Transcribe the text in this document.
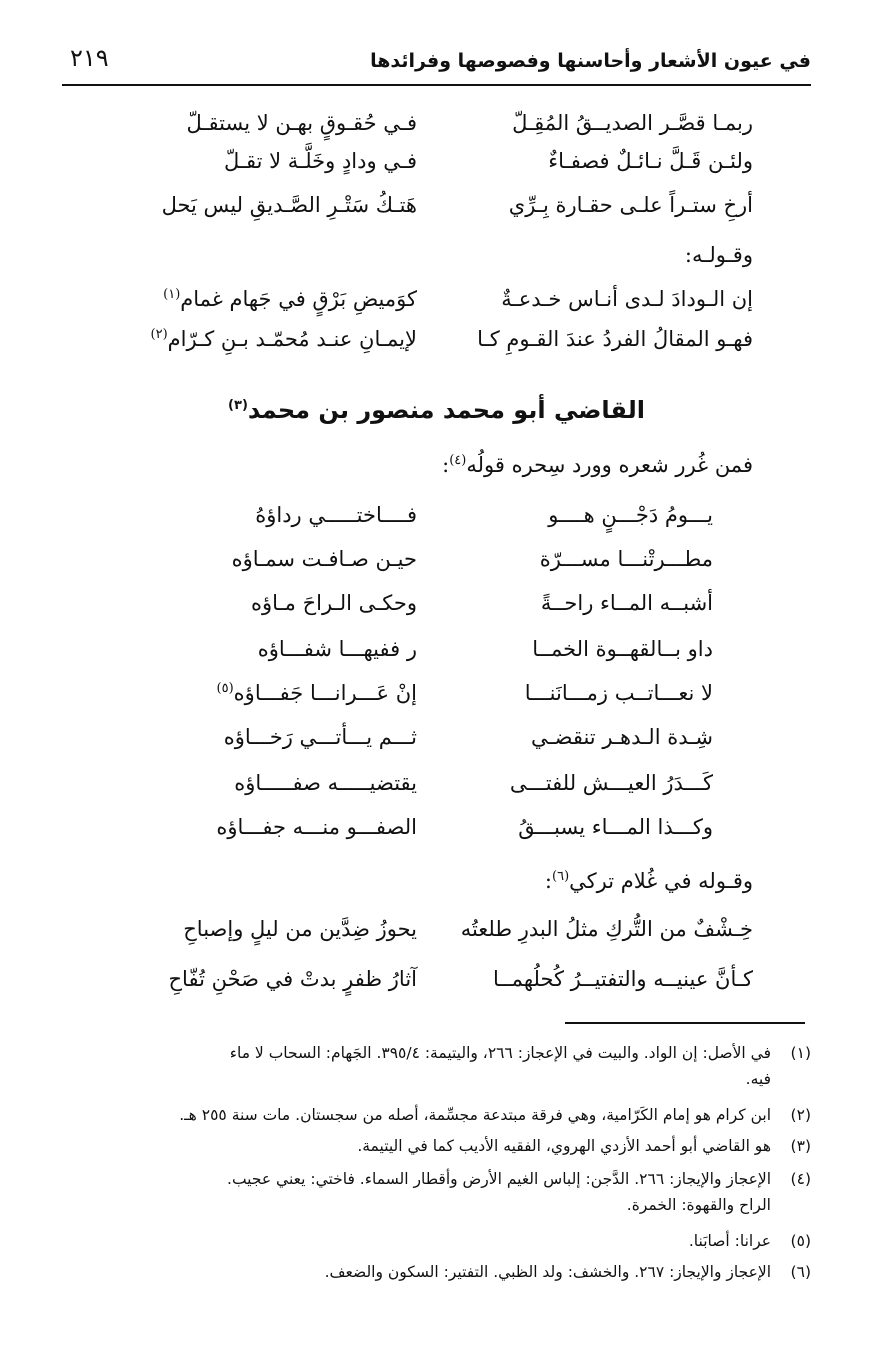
في عيون الأشعار وأحاسنها وفصوصها وفرائدها
٢١٩
ربمـا قصَّـر الصديــقُ المُقِـلّ
فـي حُقـوقٍ بهـن لا يستقـلّ
ولئـن قَـلَّ نـائـلٌ فصفـاءٌ
فـي ودادٍ وخَلَّـة لا تقـلّ
أرخِ ستـراً علـى حقـارة بِـرِّي
هَتـكُ سَتْـرِ الصَّـديقِ ليس يَحل
وقـولـه:
إن الـودادَ لـدى أنـاس خـدعـةٌ
كوَميضِ بَرْقٍ في جَهام غمام$^{(١)}$
فهـو المقالُ الفردُ عندَ القـومِ كـا
لإيمـانِ عنـد مُحمّـد بـنِ كـرّام$^{(٢)}$
القاضي أبو محمد منصور بن محمد$^{(٣)}$
فمن غُرر شعره وورد سِحره قولُه$^{(٤)}$:
يـــومُ دَجْـــنٍ هــــو
فــــاختـــــي رداؤهُ
مطـــرتْنـــا مســـرّة
حيـن صـافـت سمـاؤه
أشبــه المــاء راحــةً
وحكـى الـراحَ مـاؤه
داو بــالقهــوة الخمــا
ر ففيهـــا شفـــاؤه
لا نعـــاتــب زمـــانَنـــا
إنْ عَـــرانـــا جَفـــاؤه$^{(٥)}$
شِـدة الـدهـر تنقضـي
ثـــم يـــأتـــي رَخـــاؤه
كَـــدَرُ العيـــش للفتـــى
يقتضيـــــه صفـــــاؤه
وكـــذا المـــاء يسبـــقُ
الصفـــو منـــه جفـــاؤه
وقـوله في غُلام تركي$^{(٦)}$:
خِـشْفٌ من التُّركِ مثلُ البدرِ طلعتُه
يحوزُ ضِدَّين من ليلٍ وإصباحِ
كـأنَّ عينيــه والتفتيــرُ كُحلُهمــا
آثارُ ظفرٍ بدتْ في صَحْنِ تُفّاحِ
(١)في الأصل: إن الواد. والبيت في الإعجاز: ٢٦٦، واليتيمة: ٣٩٥/٤. الجَهام: السحاب لا ماء
فيه.
(٢)ابن كرام هو إمام الكَرّامية، وهي فرقة مبتدعة مجسِّمة، أصله من سجستان. مات سنة ٢٥٥ هـ.
(٣)هو القاضي أبو أحمد الأزدي الهروي، الفقيه الأديب كما في اليتيمة.
(٤)الإعجاز والإيجاز: ٢٦٦. الدَّجن: إلباس الغيم الأرض وأقطار السماء. فاختي: يعني عجيب.
الراح والقهوة: الخمرة.
(٥)عرانا: أصابَنا.
(٦)الإعجاز والإيجاز: ٢٦٧. والخشف: ولد الظبي. التفتير: السكون والضعف.
